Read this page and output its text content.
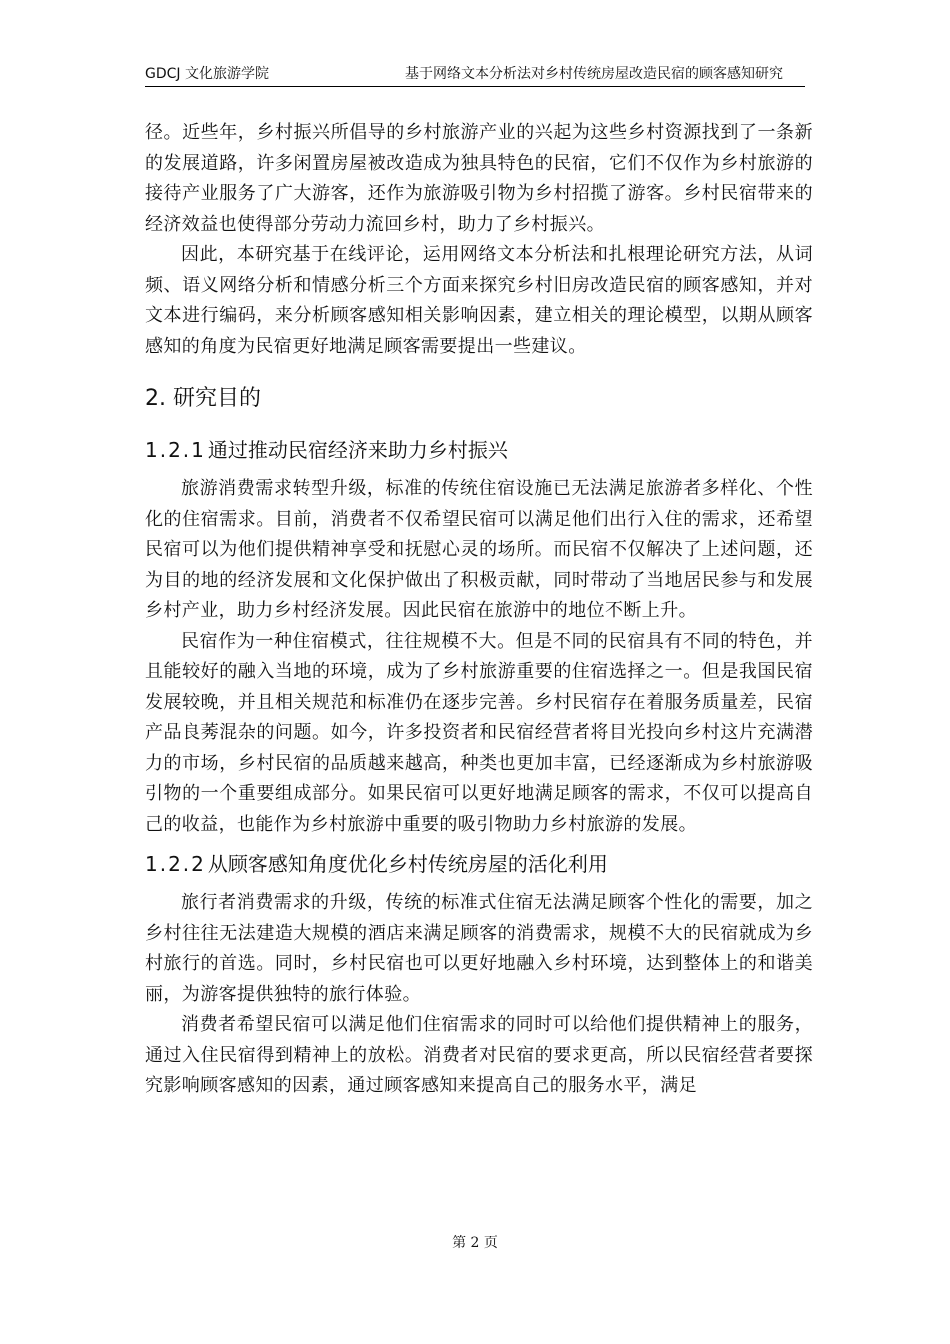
GDCJ 文化旅游学院	基于网络文本分析法对乡村传统房屋改造民宿的顾客感知研究

径。近些年，乡村振兴所倡导的乡村旅游产业的兴起为这些乡村资源找到了一条新的发展道路，许多闲置房屋被改造成为独具特色的民宿，它们不仅作为乡村旅游的接待产业服务了广大游客，还作为旅游吸引物为乡村招揽了游客。乡村民宿带来的经济效益也使得部分劳动力流回乡村，助力了乡村振兴。

因此，本研究基于在线评论，运用网络文本分析法和扎根理论研究方法，从词频、语义网络分析和情感分析三个方面来探究乡村旧房改造民宿的顾客感知，并对文本进行编码，来分析顾客感知相关影响因素，建立相关的理论模型，以期从顾客感知的角度为民宿更好地满足顾客需要提出一些建议。

2. 研究目的
1.2.1 通过推动民宿经济来助力乡村振兴

旅游消费需求转型升级，标准的传统住宿设施已无法满足旅游者多样化、个性化的住宿需求。目前，消费者不仅希望民宿可以满足他们出行入住的需求，还希望民宿可以为他们提供精神享受和抚慰心灵的场所。而民宿不仅解决了上述问题，还为目的地的经济发展和文化保护做出了积极贡献，同时带动了当地居民参与和发展乡村产业，助力乡村经济发展。因此民宿在旅游中的地位不断上升。

民宿作为一种住宿模式，往往规模不大。但是不同的民宿具有不同的特色，并且能较好的融入当地的环境，成为了乡村旅游重要的住宿选择之一。但是我国民宿发展较晚，并且相关规范和标准仍在逐步完善。乡村民宿存在着服务质量差，民宿产品良莠混杂的问题。如今，许多投资者和民宿经营者将目光投向乡村这片充满潜力的市场，乡村民宿的品质越来越高，种类也更加丰富，已经逐渐成为乡村旅游吸引物的一个重要组成部分。如果民宿可以更好地满足顾客的需求，不仅可以提高自己的收益，也能作为乡村旅游中重要的吸引物助力乡村旅游的发展。

1.2.2 从顾客感知角度优化乡村传统房屋的活化利用

旅行者消费需求的升级，传统的标准式住宿无法满足顾客个性化的需要，加之乡村往往无法建造大规模的酒店来满足顾客的消费需求，规模不大的民宿就成为乡村旅行的首选。同时，乡村民宿也可以更好地融入乡村环境，达到整体上的和谐美丽，为游客提供独特的旅行体验。

消费者希望民宿可以满足他们住宿需求的同时可以给他们提供精神上的服务，通过入住民宿得到精神上的放松。消费者对民宿的要求更高，所以民宿经营者要探究影响顾客感知的因素，通过顾客感知来提高自己的服务水平，满足

第 2 页
